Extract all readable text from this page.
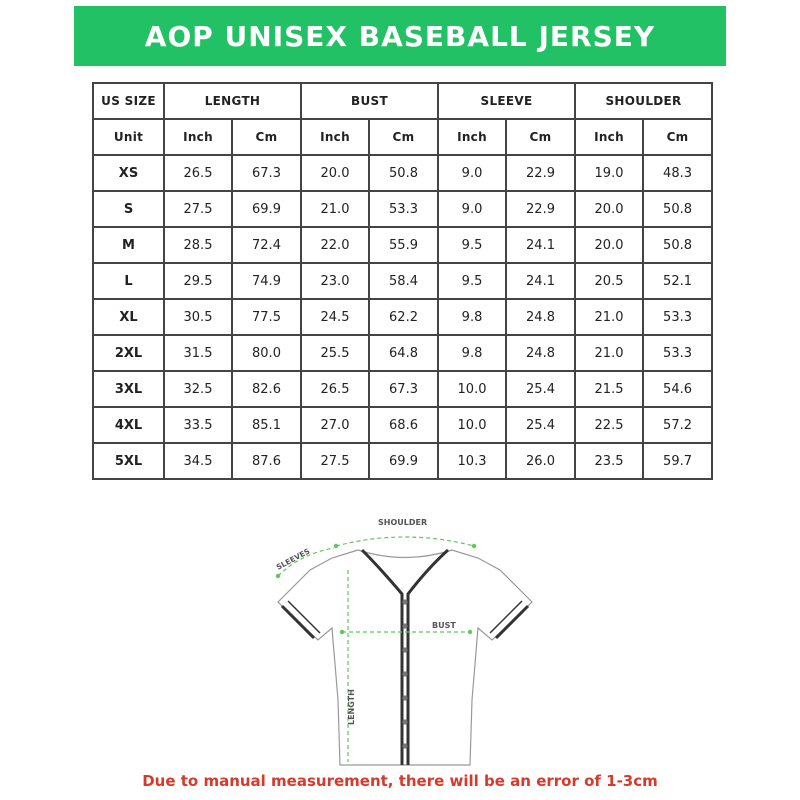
AOP UNISEX BASEBALL JERSEY
US SIZE	LENGTH		BUST		SLEEVE		SHOULDER	
Unit	Inch	Cm	Inch	Cm	Inch	Cm	Inch	Cm
XS	26.5	67.3	20.0	50.8	9.0	22.9	19.0	48.3
S	27.5	69.9	21.0	53.3	9.0	22.9	20.0	50.8
M	28.5	72.4	22.0	55.9	9.5	24.1	20.0	50.8
L	29.5	74.9	23.0	58.4	9.5	24.1	20.5	52.1
XL	30.5	77.5	24.5	62.2	9.8	24.8	21.0	53.3
2XL	31.5	80.0	25.5	64.8	9.8	24.8	21.0	53.3
3XL	32.5	82.6	26.5	67.3	10.0	25.4	21.5	54.6
4XL	33.5	85.1	27.0	68.6	10.0	25.4	22.5	57.2
5XL	34.5	87.6	27.5	69.9	10.3	26.0	23.5	59.7
SHOULDER
SLEEVES
BUST
LENGTH
Due to manual measurement, there will be an error of 1-3cm
